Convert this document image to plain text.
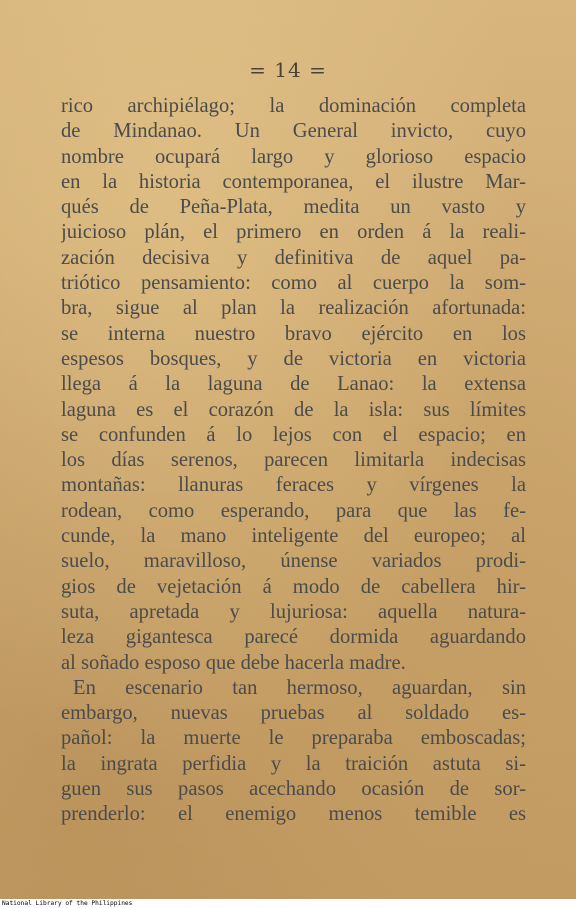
= 14 =
rico archipiélago; la dominación completa
de Mindanao. Un General invicto, cuyo
nombre ocupará largo y glorioso espacio
en la historia contemporanea, el ilustre Mar-
qués de Peña-Plata, medita un vasto y
juicioso plán, el primero en orden á la reali-
zación decisiva y definitiva de aquel pa-
triótico pensamiento: como al cuerpo la som-
bra, sigue al plan la realización afortunada:
se interna nuestro bravo ejército en los
espesos bosques, y de victoria en victoria
llega á la laguna de Lanao: la extensa
laguna es el corazón de la isla: sus límites
se confunden á lo lejos con el espacio; en
los días serenos, parecen limitarla indecisas
montañas: llanuras feraces y vírgenes la
rodean, como esperando, para que las fe-
cunde, la mano inteligente del europeo; al
suelo, maravilloso, únense variados prodi-
gios de vejetación á modo de cabellera hir-
suta, apretada y lujuriosa: aquella natura-
leza gigantesca parecé dormida aguardando
al soñado esposo que debe hacerla madre.
En escenario tan hermoso, aguardan, sin
embargo, nuevas pruebas al soldado es-
pañol: la muerte le preparaba emboscadas;
la ingrata perfidia y la traición astuta si-
guen sus pasos acechando ocasión de sor-
prenderlo: el enemigo menos temible es
National Library of the Philippines
